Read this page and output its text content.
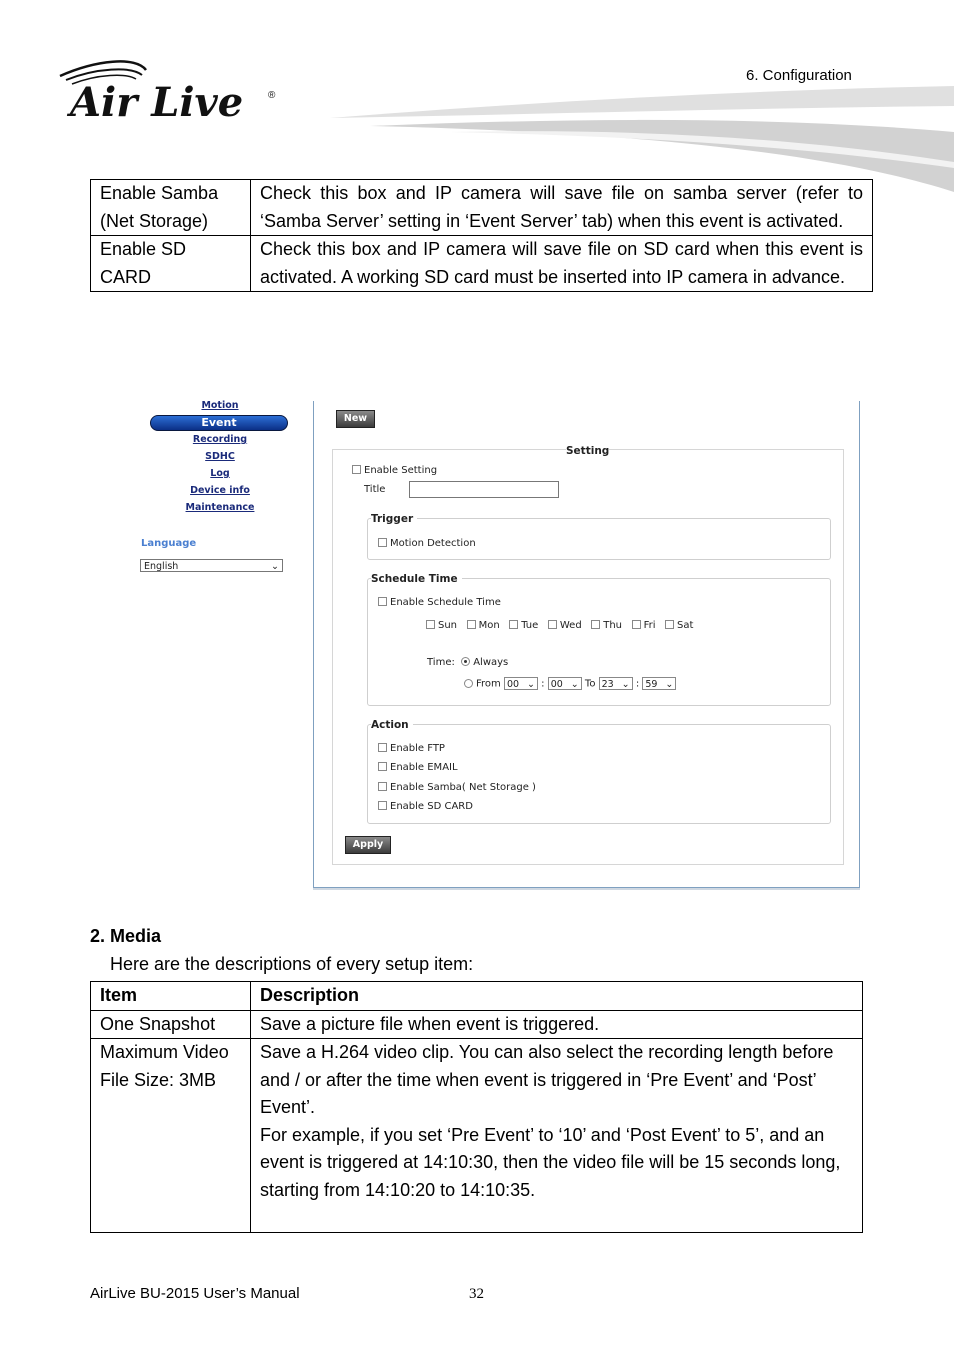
Air Live ®
6. Configuration
Enable Samba (Net Storage)	Check this box and IP camera will save file on samba server (refer to ‘Samba Server’ setting in ‘Event Server’ tab) when this event is activated.
Enable SD CARD	Check this box and IP camera will save file on SD card when this event is activated. A working SD card must be inserted into IP camera in advance.
Motion
Event
Recording
SDHC
Log
Device info
Maintenance
Language
English	⌄
New
Setting
Enable Setting
Title
Trigger
Motion Detection
Schedule Time
Enable Schedule Time
Sun Mon Tue Wed Thu Fri Sat
Time: Always
From 00 ⌄ : 00 ⌄ To 23 ⌄ : 59 ⌄
Action
Enable FTP
Enable EMAIL
Enable Samba( Net Storage )
Enable SD CARD
Apply
2. Media
Here are the descriptions of every setup item:
Item	Description
One Snapshot	Save a picture file when event is triggered.

Maximum Video File Size: 3MB	Save a H.264 video clip. You can also select the recording length before and / or after the time when event is triggered in ‘Pre Event’ and ‘Post’ Event’.
For example, if you set ‘Pre Event’ to ‘10’ and ‘Post Event’ to 5’, and an event is triggered at 14:10:30, then the video file will be 15 seconds long, starting from 14:10:20 to 14:10:35.
AirLive BU-2015 User’s Manual	32
